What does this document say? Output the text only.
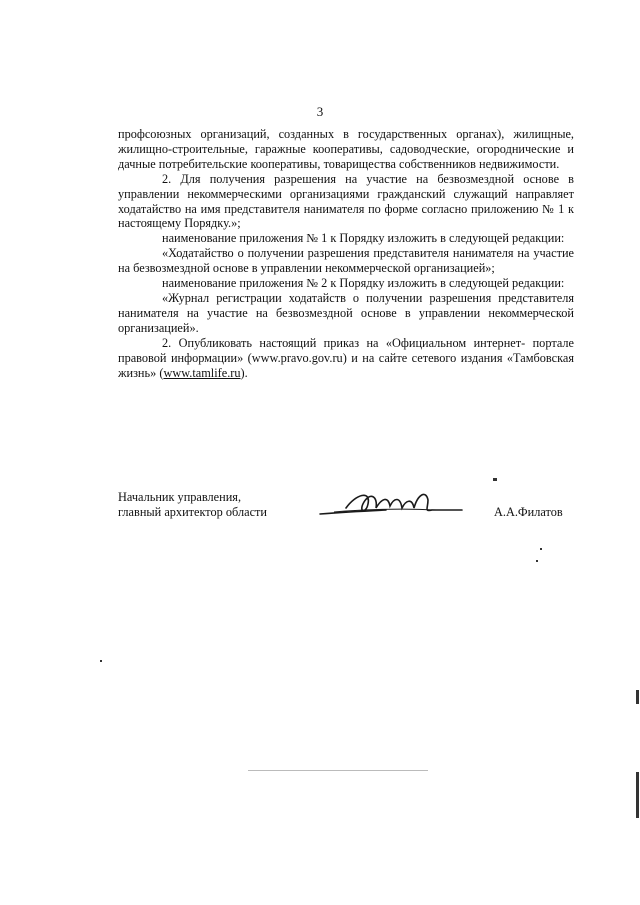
3

профсоюзных организаций, созданных в государственных органах), жилищные, жилищно-строительные, гаражные кооперативы, садоводческие, огороднические и дачные потребительские кооперативы, товарищества собственников недвижимости.

2. Для получения разрешения на участие на безвозмездной основе в управлении некоммерческими организациями гражданский служащий направляет ходатайство на имя представителя нанимателя по форме согласно приложению № 1 к настоящему Порядку.»;

наименование приложения № 1 к Порядку изложить в следующей редакции:

«Ходатайство о получении разрешения представителя нанимателя на участие на безвозмездной основе в управлении некоммерческой организацией»;

наименование приложения № 2 к Порядку изложить в следующей редакции:

«Журнал регистрации ходатайств о получении разрешения представителя нанимателя на участие на безвозмездной основе в управлении некоммерческой организацией».

2. Опубликовать настоящий приказ на «Официальном интернет- портале правовой информации» (www.pravo.gov.ru) и на сайте сетевого издания «Тамбовская жизнь» (www.tamlife.ru).

Начальник управления,
главный архитектор области	А.А.Филатов
